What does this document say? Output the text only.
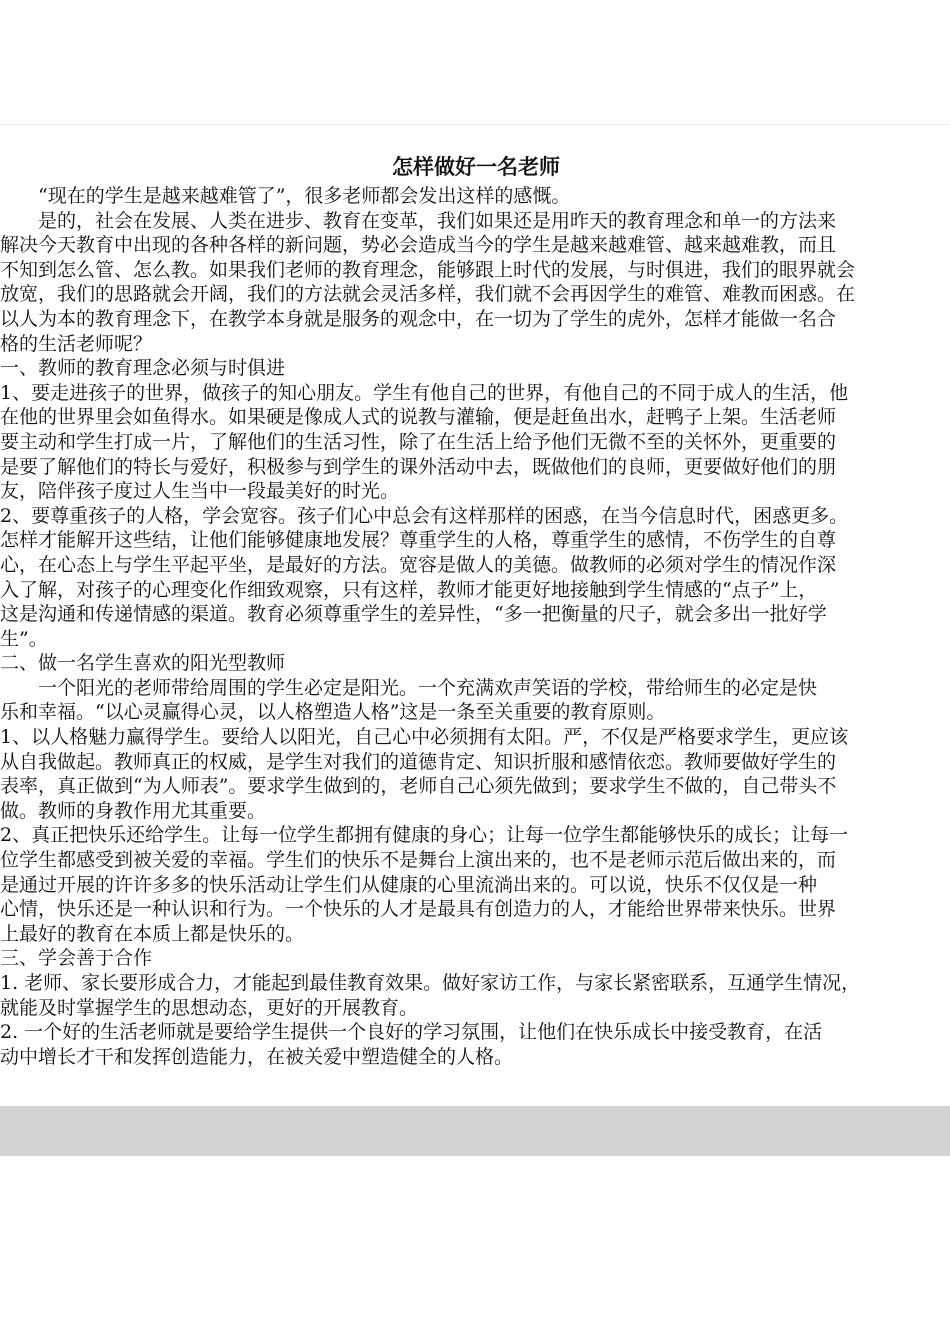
怎样做好一名老师
“现在的学生是越来越难管了”，很多老师都会发出这样的感慨。
是的，社会在发展、人类在进步、教育在变革，我们如果还是用昨天的教育理念和单一的方法来
解决今天教育中出现的各种各样的新问题，势必会造成当今的学生是越来越难管、越来越难教，而且
不知到怎么管、怎么教。如果我们老师的教育理念，能够跟上时代的发展，与时俱进，我们的眼界就会
放宽，我们的思路就会开阔，我们的方法就会灵活多样，我们就不会再因学生的难管、难教而困惑。在
以人为本的教育理念下，在教学本身就是服务的观念中，在一切为了学生的虎外，怎样才能做一名合
格的生活老师呢？
一、教师的教育理念必须与时俱进
1、要走进孩子的世界，做孩子的知心朋友。学生有他自己的世界，有他自己的不同于成人的生活，他
在他的世界里会如鱼得水。如果硬是像成人式的说教与灌输，便是赶鱼出水，赶鸭子上架。生活老师
要主动和学生打成一片，了解他们的生活习性，除了在生活上给予他们无微不至的关怀外，更重要的
是要了解他们的特长与爱好，积极参与到学生的课外活动中去，既做他们的良师，更要做好他们的朋
友，陪伴孩子度过人生当中一段最美好的时光。
2、要尊重孩子的人格，学会宽容。孩子们心中总会有这样那样的困惑，在当今信息时代，困惑更多。
怎样才能解开这些结，让他们能够健康地发展？尊重学生的人格，尊重学生的感情，不伤学生的自尊
心，在心态上与学生平起平坐，是最好的方法。宽容是做人的美德。做教师的必须对学生的情况作深
入了解，对孩子的心理变化作细致观察，只有这样，教师才能更好地接触到学生情感的“点子”上，
这是沟通和传递情感的渠道。教育必须尊重学生的差异性，“多一把衡量的尺子，就会多出一批好学
生”。
二、做一名学生喜欢的阳光型教师
一个阳光的老师带给周围的学生必定是阳光。一个充满欢声笑语的学校，带给师生的必定是快
乐和幸福。“以心灵赢得心灵，以人格塑造人格”这是一条至关重要的教育原则。
1、以人格魅力赢得学生。要给人以阳光，自己心中必须拥有太阳。严，不仅是严格要求学生，更应该
从自我做起。教师真正的权威，是学生对我们的道德肯定、知识折服和感情依恋。教师要做好学生的
表率，真正做到“为人师表”。要求学生做到的，老师自己心须先做到；要求学生不做的，自己带头不
做。教师的身教作用尤其重要。
2、真正把快乐还给学生。让每一位学生都拥有健康的身心；让每一位学生都能够快乐的成长；让每一
位学生都感受到被关爱的幸福。学生们的快乐不是舞台上演出来的，也不是老师示范后做出来的，而
是通过开展的许许多多的快乐活动让学生们从健康的心里流淌出来的。可以说，快乐不仅仅是一种
心情，快乐还是一种认识和行为。一个快乐的人才是最具有创造力的人，才能给世界带来快乐。世界
上最好的教育在本质上都是快乐的。
三、学会善于合作
1. 老师、家长要形成合力，才能起到最佳教育效果。做好家访工作，与家长紧密联系，互通学生情况，
就能及时掌握学生的思想动态，更好的开展教育。
2. 一个好的生活老师就是要给学生提供一个良好的学习氛围，让他们在快乐成长中接受教育，在活
动中增长才干和发挥创造能力，在被关爱中塑造健全的人格。
